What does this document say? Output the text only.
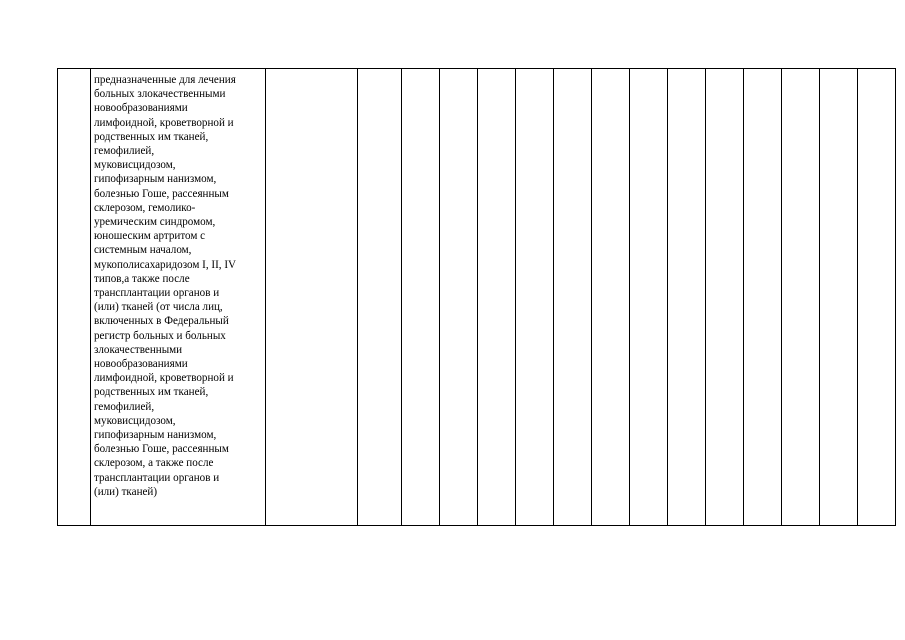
предназначенные для лечения
больных злокачественными
новообразованиями
лимфоидной, кроветворной и
родственных им тканей,
гемофилией,
муковисцидозом,
гипофизарным нанизмом,
болезнью Гоше, рассеянным
склерозом, гемолико-
уремическим синдромом,
юношеским артритом с
системным началом,
мукополисахаридозом I, II, IV
типов,а также после
трансплантации органов и
(или) тканей (от числа лиц,
включенных в Федеральный
регистр больных и больных
злокачественными
новообразованиями
лимфоидной, кроветворной и
родственных им тканей,
гемофилией,
муковисцидозом,
гипофизарным нанизмом,
болезнью Гоше, рассеянным
склерозом, а также после
трансплантации органов и
(или) тканей)
